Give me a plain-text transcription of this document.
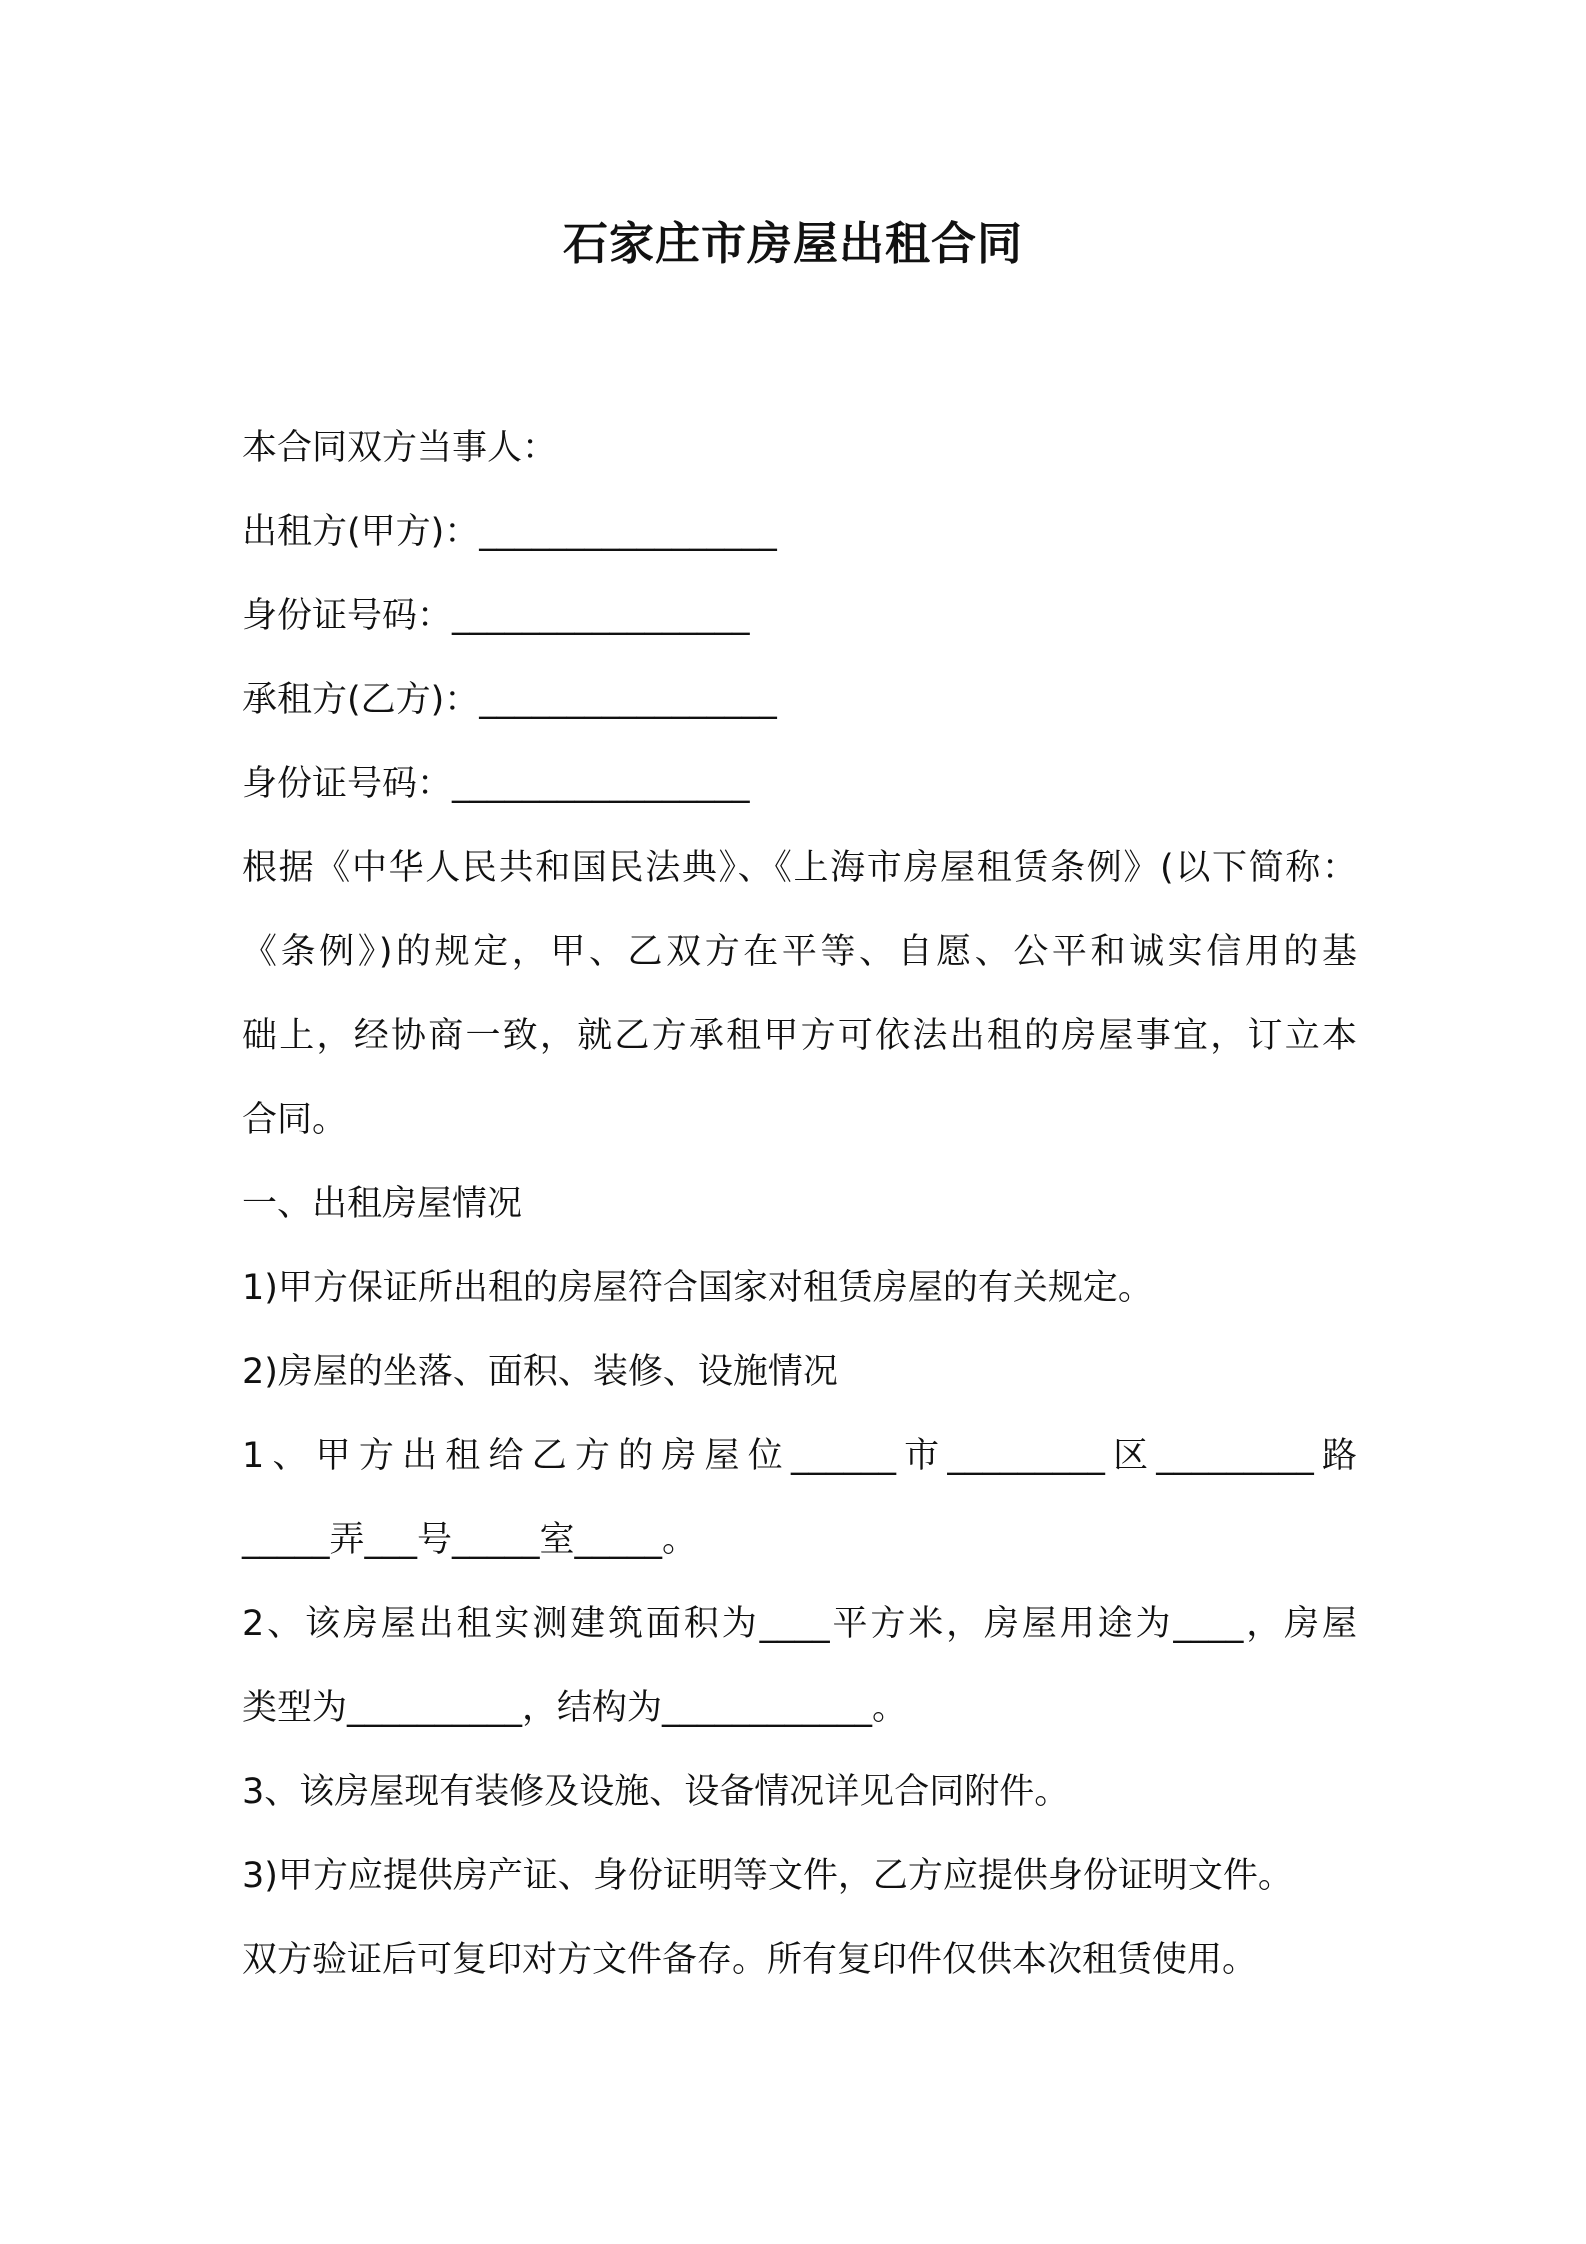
石家庄市房屋出租合同
本合同双方当事人：
出租方(甲方)：_________________
身份证号码：_________________
承租方(乙方)：_________________
身份证号码：_________________
根据《中华人民共和国民法典》、《上海市房屋租赁条例》(以下简称：
《条例》)的规定，甲、乙双方在平等、自愿、公平和诚实信用的基
础上，经协商一致，就乙方承租甲方可依法出租的房屋事宜，订立本
合同。
一、出租房屋情况
1)甲方保证所出租的房屋符合国家对租赁房屋的有关规定。
2)房屋的坐落、面积、装修、设施情况
1、甲方出租给乙方的房屋位______市_________区_________路
_____弄___号_____室_____。
2、该房屋出租实测建筑面积为____平方米，房屋用途为____，房屋
类型为__________，结构为____________。
3、该房屋现有装修及设施、设备情况详见合同附件。
3)甲方应提供房产证、身份证明等文件，乙方应提供身份证明文件。
双方验证后可复印对方文件备存。所有复印件仅供本次租赁使用。
